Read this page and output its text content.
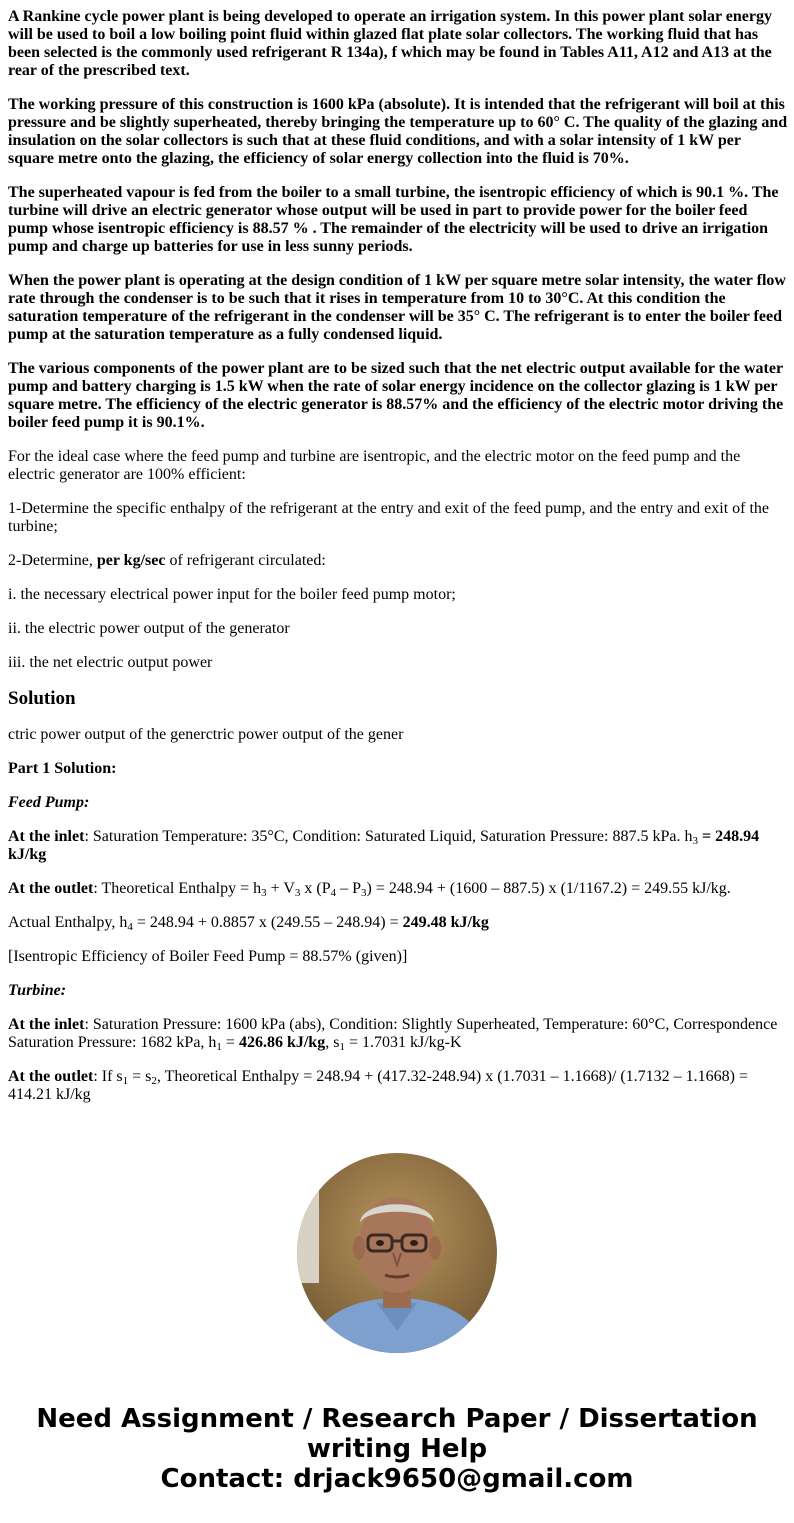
A Rankine cycle power plant is being developed to operate an irrigation system. In this power plant solar energy will be used to boil a low boiling point fluid within glazed flat plate solar collectors. The working fluid that has been selected is the commonly used refrigerant R 134a), f which may be found in Tables A11, A12 and A13 at the rear of the prescribed text.

The working pressure of this construction is 1600 kPa (absolute). It is intended that the refrigerant will boil at this pressure and be slightly superheated, thereby bringing the temperature up to 60° C. The quality of the glazing and insulation on the solar collectors is such that at these fluid conditions, and with a solar intensity of 1 kW per square metre onto the glazing, the efficiency of solar energy collection into the fluid is 70%.

The superheated vapour is fed from the boiler to a small turbine, the isentropic efficiency of which is 90.1 %. The turbine will drive an electric generator whose output will be used in part to provide power for the boiler feed pump whose isentropic efficiency is 88.57 % . The remainder of the electricity will be used to drive an irrigation pump and charge up batteries for use in less sunny periods.

When the power plant is operating at the design condition of 1 kW per square metre solar intensity, the water flow rate through the condenser is to be such that it rises in temperature from 10 to 30°C. At this condition the saturation temperature of the refrigerant in the condenser will be 35° C. The refrigerant is to enter the boiler feed pump at the saturation temperature as a fully condensed liquid.

The various components of the power plant are to be sized such that the net electric output available for the water pump and battery charging is 1.5 kW when the rate of solar energy incidence on the collector glazing is 1 kW per square metre. The efficiency of the electric generator is 88.57% and the efficiency of the electric motor driving the boiler feed pump it is 90.1%.

For the ideal case where the feed pump and turbine are isentropic, and the electric motor on the feed pump and the electric generator are 100% efficient:

1-Determine the specific enthalpy of the refrigerant at the entry and exit of the feed pump, and the entry and exit of the turbine;

2-Determine, per kg/sec of refrigerant circulated:

i. the necessary electrical power input for the boiler feed pump motor;

ii. the electric power output of the generator

iii. the net electric output power

Solution

ctric power output of the generctric power output of the gener

Part 1 Solution:

Feed Pump:

At the inlet: Saturation Temperature: 35°C, Condition: Saturated Liquid, Saturation Pressure: 887.5 kPa. $h_3 = 248.94$ kJ/kg

At the outlet: Theoretical Enthalpy = $h_3 + V_3$ x $(P_4 - P_3) = 248.94 + (1600 - 887.5)$ x (1/1167.2) = 249.55 kJ/kg.

Actual Enthalpy, $h_4 = 248.94 + 0.8857$ x (249.55 – 248.94) = 249.48 kJ/kg

[Isentropic Efficiency of Boiler Feed Pump = 88.57% (given)]

Turbine:

At the inlet: Saturation Pressure: 1600 kPa (abs), Condition: Slightly Superheated, Temperature: 60°C, Correspondence Saturation Pressure: 1682 kPa, $h_1 = 426.86$ kJ/kg, $s_1 = 1.7031$ kJ/kg-K

At the outlet: If $s_1 = s_2$, Theoretical Enthalpy = 248.94 + (417.32-248.94) x (1.7031 – 1.1668)/ (1.7132 – 1.1668) = 414.21 kJ/kg

Need Assignment / Research Paper / Dissertation
writing Help
Contact: drjack9650@gmail.com
